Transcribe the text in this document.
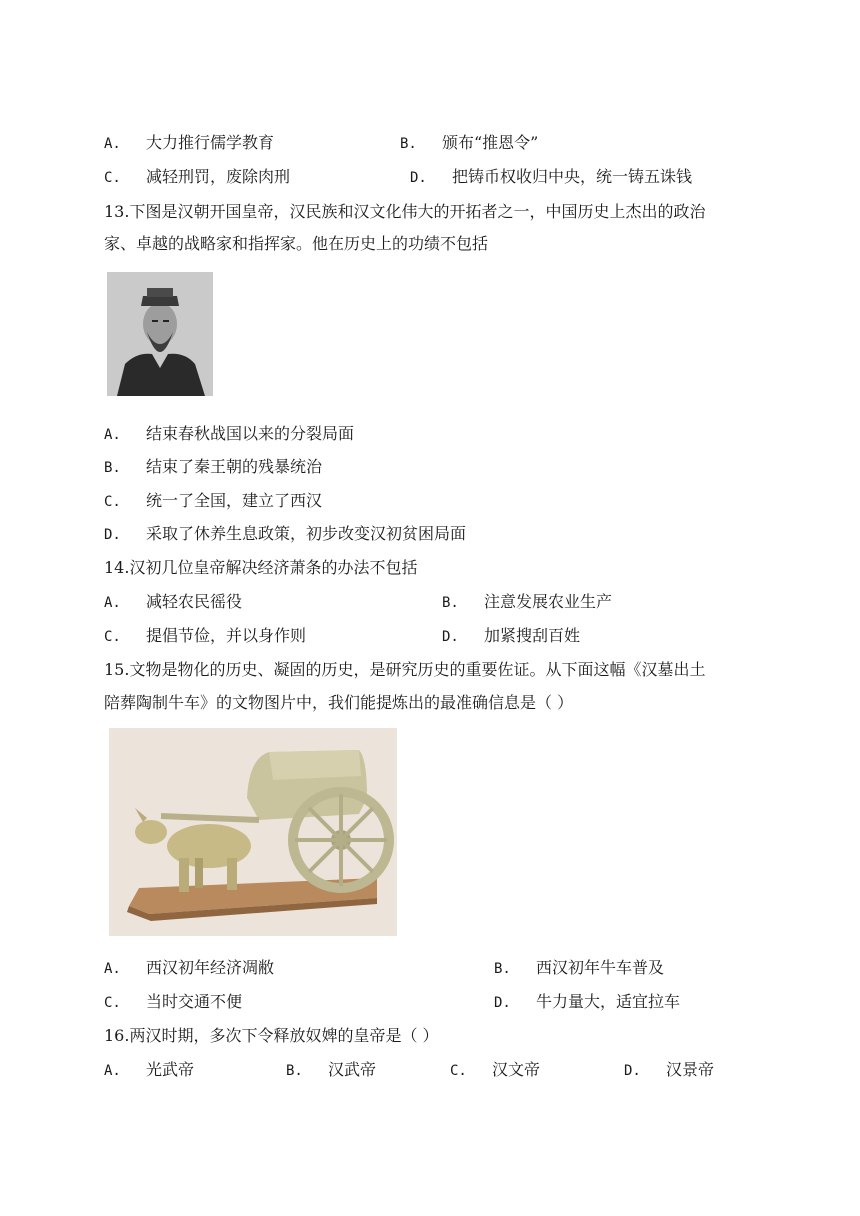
A. 大力推行儒学教育	B. 颁布“推恩令”
C. 减轻刑罚，废除肉刑	D. 把铸币权收归中央，统一铸五诛钱
13.下图是汉朝开国皇帝，汉民族和汉文化伟大的开拓者之一，中国历史上杰出的政治
家、卓越的战略家和指挥家。他在历史上的功绩不包括
A. 结束春秋战国以来的分裂局面
B. 结束了秦王朝的残暴统治
C. 统一了全国，建立了西汉
D. 采取了休养生息政策，初步改变汉初贫困局面
14.汉初几位皇帝解决经济萧条的办法不包括
A. 减轻农民徭役	B. 注意发展农业生产
C. 提倡节俭，并以身作则	D. 加紧搜刮百姓
15.文物是物化的历史、凝固的历史，是研究历史的重要佐证。从下面这幅《汉墓出土
陪葬陶制牛车》的文物图片中，我们能提炼出的最准确信息是（ ）
A. 西汉初年经济凋敝	B. 西汉初年牛车普及
C. 当时交通不便	D. 牛力量大，适宜拉车
16.两汉时期，多次下令释放奴婢的皇帝是（ ）
A. 光武帝	B. 汉武帝	C. 汉文帝	D. 汉景帝
